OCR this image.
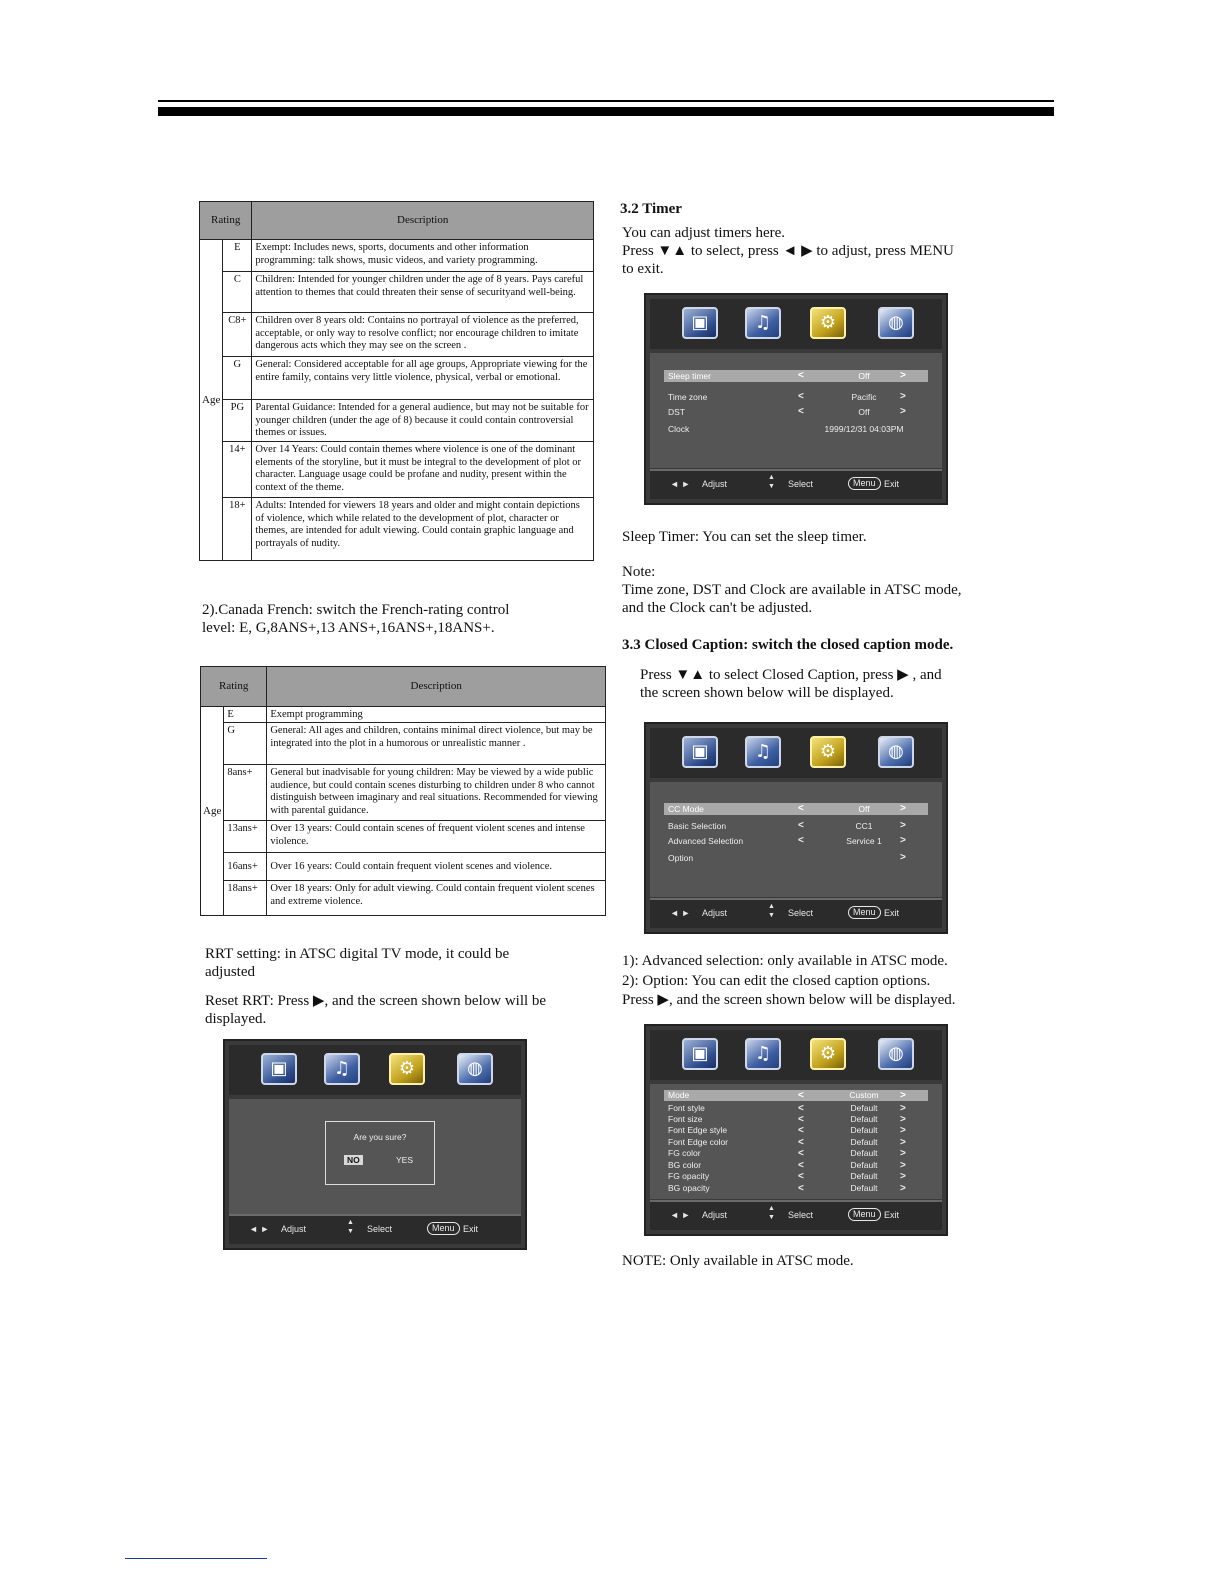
Rating		Description
Age	E	Exempt: Includes news, sports, documents and other information programming: talk shows, music videos, and variety programming.
	C	Children: Intended for younger children under the age of 8 years. Pays careful attention to themes that could threaten their sense of securityand well-being.
	C8+	Children over 8 years old: Contains no portrayal of violence as the preferred, acceptable, or only way to resolve conflict; nor encourage children to imitate dangerous acts which they may see on the screen .
	G	General: Considered acceptable for all age groups, Appropriate viewing for the entire family, contains very little violence, physical, verbal or emotional.
	PG	Parental Guidance: Intended for a general audience, but may not be suitable for younger children (under the age of 8) because it could contain controversial themes or issues.
	14+	Over 14 Years: Could contain themes where violence is one of the dominant elements of the storyline, but it must be integral to the development of plot or character. Language usage could be profane and nudity, present within the context of the theme.
	18+	Adults: Intended for viewers 18 years and older and might contain depictions of violence, which while related to the development of plot, character or themes, are intended for adult viewing. Could contain graphic language and portrayals of nudity.
2).Canada French: switch the French-rating control
level: E, G,8ANS+,13 ANS+,16ANS+,18ANS+.
Rating		Description
Age	E	Exempt programming
	G	General: All ages and children, contains minimal direct violence, but may be integrated into the plot in a humorous or unrealistic manner .
	8ans+	General but inadvisable for young children: May be viewed by a wide public audience, but could contain scenes disturbing to children under 8 who cannot distinguish between imaginary and real situations. Recommended for viewing with parental guidance.
	13ans+	Over 13 years: Could contain scenes of frequent violent scenes and intense violence.
	16ans+	Over 16 years: Could contain frequent violent scenes and violence.
	18ans+	Over 18 years: Only for adult viewing. Could contain frequent violent scenes and extreme violence.
RRT setting: in ATSC digital TV mode, it could be
adjusted
Reset RRT: Press ▶, and the screen shown below will be
displayed.
▣	♫	⚙	◍
Are you sure?
NO	YES
◄ ► Adjust
▲
▼ Select	Menu Exit
3.2 Timer
You can adjust timers here.
Press ▼▲ to select, press ◄ ▶ to adjust, press MENU
to exit.
▣	♫	⚙	◍
Sleep timer	<	Off	>
Time zone	<	Pacific	>
DST	<	Off	>
Clock	1999/12/31 04:03PM
◄ ► Adjust
▲
▼ Select	Menu Exit
Sleep Timer: You can set the sleep timer.
Note:
Time zone, DST and Clock are available in ATSC mode,
and the Clock can't be adjusted.
3.3 Closed Caption: switch the closed caption mode.
Press ▼▲ to select Closed Caption, press ▶ , and
the screen shown below will be displayed.
▣	♫	⚙	◍
CC Mode	<	Off	>
Basic Selection	<	CC1	>
Advanced Selection	<	Service 1	>
Option	>
◄ ► Adjust
▲
▼ Select	Menu Exit
1): Advanced selection: only available in ATSC mode.
2): Option: You can edit the closed caption options.
Press ▶, and the screen shown below will be displayed.
▣	♫	⚙	◍
Mode	<	Custom	>
Font style	<	Default	>
Font size	<	Default	>
Font Edge style	<	Default	>
Font Edge color	<	Default	>
FG color	<	Default	>
BG color	<	Default	>
FG opacity	<	Default	>
BG opacity	<	Default	>
◄ ► Adjust
▲
▼ Select	Menu Exit
NOTE: Only available in ATSC mode.
